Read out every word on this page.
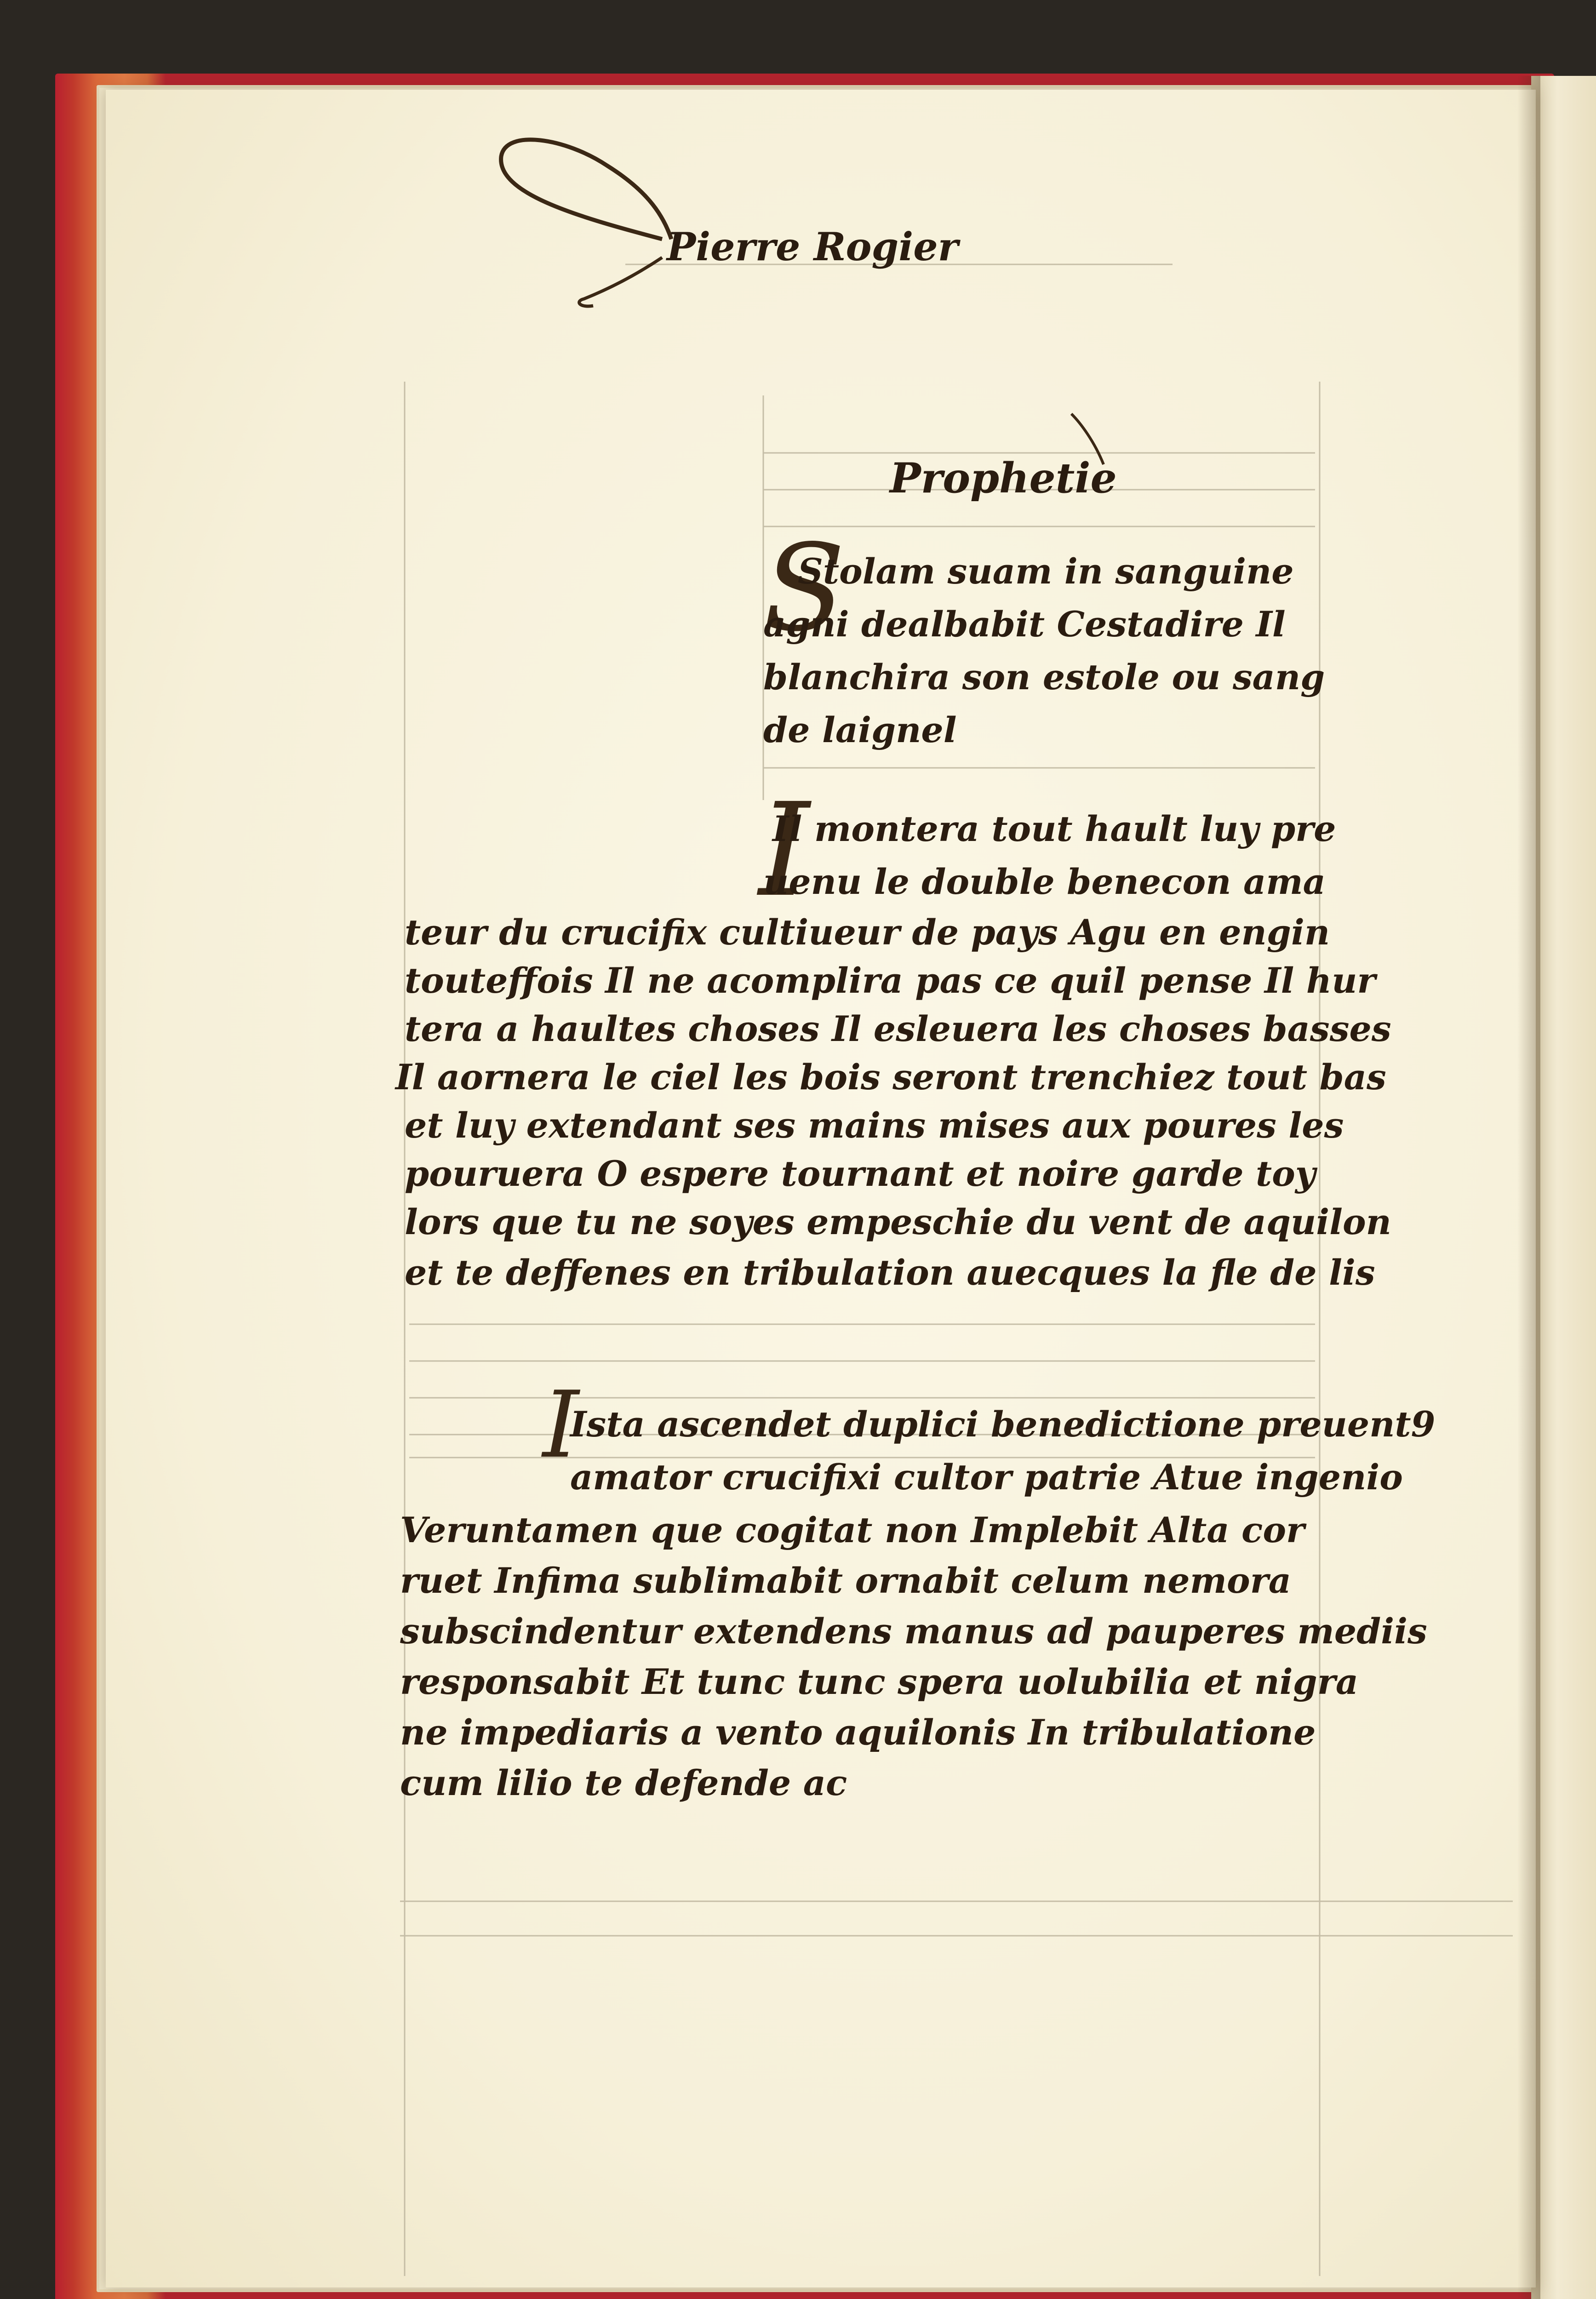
Pierre Rogier
Prophetie
S
I
I

Stolam suam in sanguine

agni dealbabit Cestadire Il

blanchira son estole ou sang

de laignel

Il montera tout hault luy pre

uenu le double benecon ama

teur du crucifix cultiueur de pays Agu en engin

touteffois Il ne acomplira pas ce quil pense Il hur

tera a haultes choses Il esleuera les choses basses

Il aornera le ciel les bois seront trenchiez tout bas

et luy extendant ses mains mises aux poures les

pouruera O espere tournant et noire garde toy

lors que tu ne soyes empeschie du vent de aquilon

et te deffenes en tribulation auecques la fle de lis

Ista ascendet duplici benedictione preuent9

amator crucifixi cultor patrie Atue ingenio

Veruntamen que cogitat non Implebit Alta cor

ruet Infima sublimabit ornabit celum nemora

subscindentur extendens manus ad pauperes mediis

responsabit Et tunc tunc spera uolubilia et nigra

ne impediaris a vento aquilonis In tribulatione

cum lilio te defende ac
